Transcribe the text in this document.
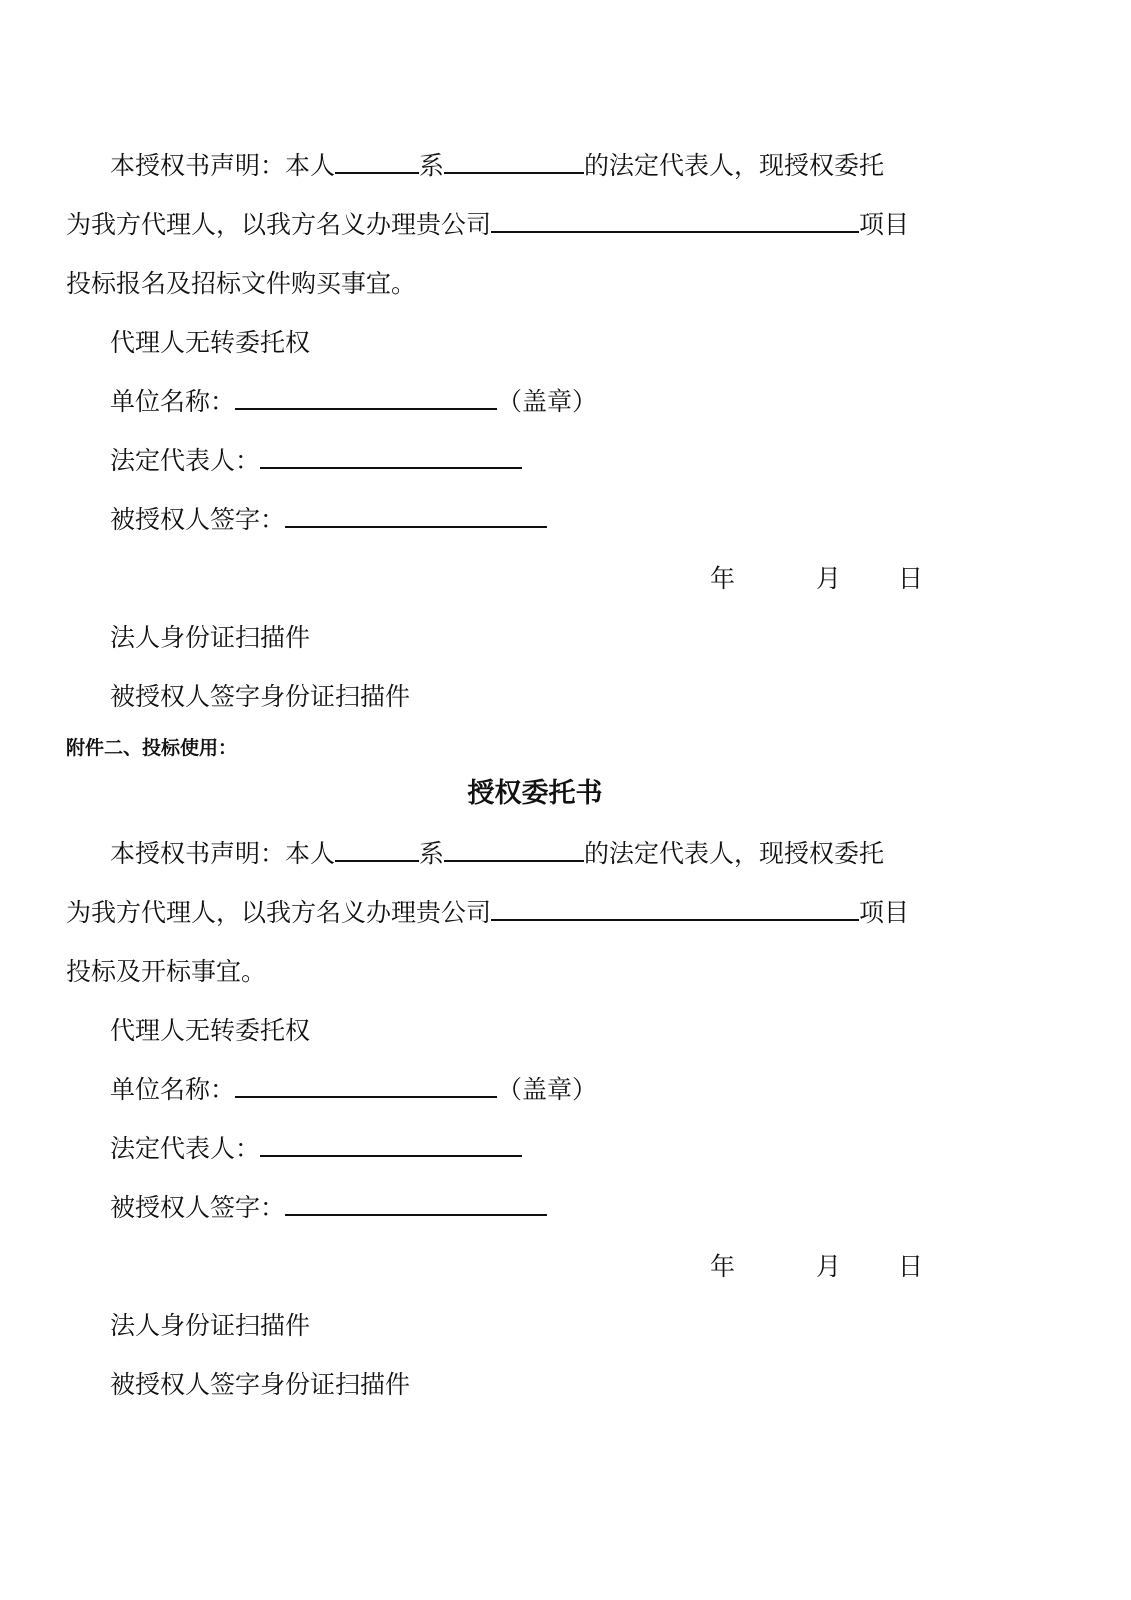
本授权书声明：本人	系	的法定代表人，现授权委托
为我方代理人，以我方名义办理贵公司	项目
投标报名及招标文件购买事宜。
代理人无转委托权
单位名称：	（盖章）
法定代表人：
被授权人签字：
年	月 日
法人身份证扫描件
被授权人签字身份证扫描件
附件二、投标使用：
授权委托书
本授权书声明：本人	系	的法定代表人，现授权委托
为我方代理人，以我方名义办理贵公司	项目
投标及开标事宜。
代理人无转委托权
单位名称：	（盖章）
法定代表人：
被授权人签字：
年	月 日
法人身份证扫描件
被授权人签字身份证扫描件
